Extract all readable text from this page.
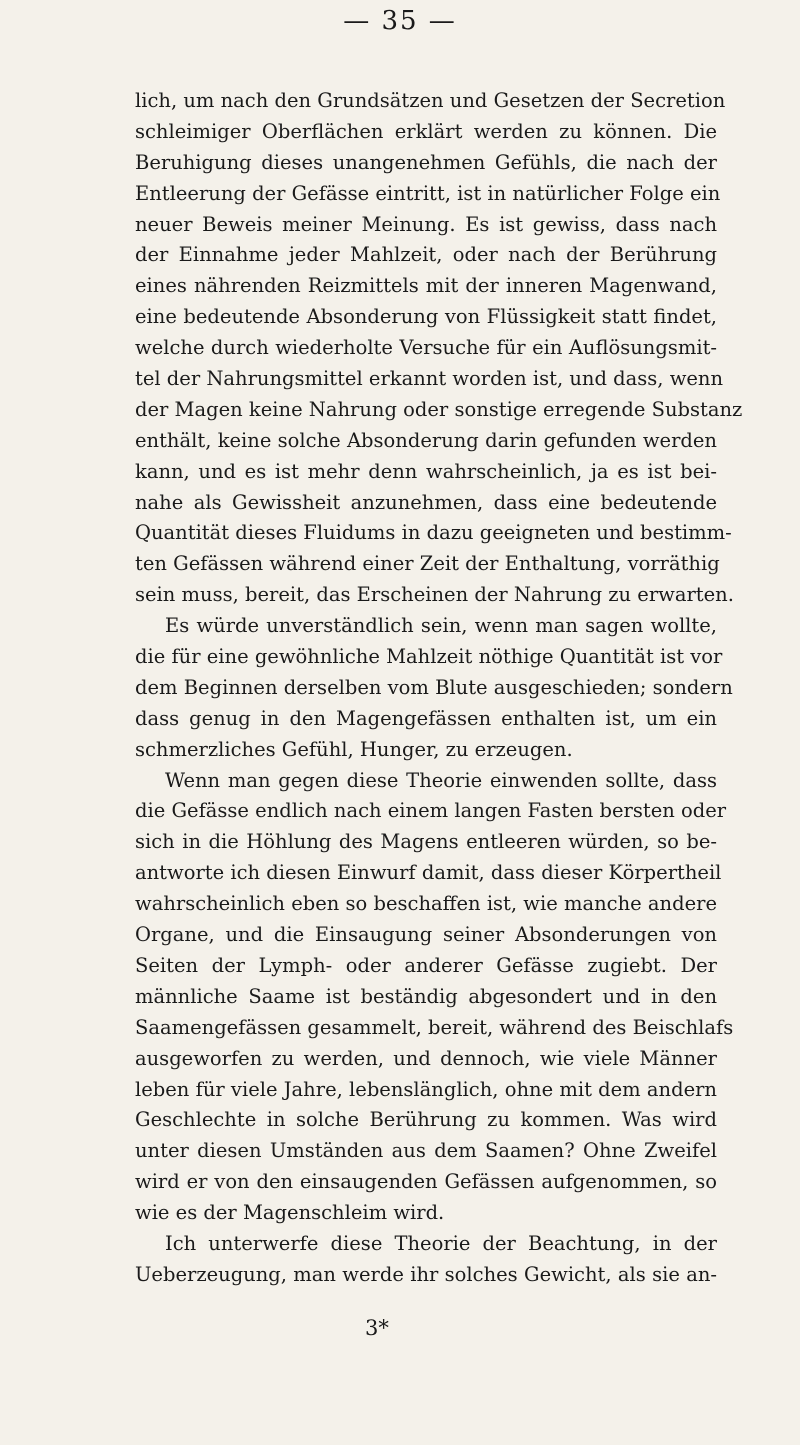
— 35 —
lich, um nach den Grundsätzen und Gesetzen der Secretion
schleimiger Oberflächen erklärt werden zu können. Die
Beruhigung dieses unangenehmen Gefühls, die nach der
Entleerung der Gefässe eintritt, ist in natürlicher Folge ein
neuer Beweis meiner Meinung. Es ist gewiss, dass nach
der Einnahme jeder Mahlzeit, oder nach der Berührung
eines nährenden Reizmittels mit der inneren Magenwand,
eine bedeutende Absonderung von Flüssigkeit statt findet,
welche durch wiederholte Versuche für ein Auflösungsmit-
tel der Nahrungsmittel erkannt worden ist, und dass, wenn
der Magen keine Nahrung oder sonstige erregende Substanz
enthält, keine solche Absonderung darin gefunden werden
kann, und es ist mehr denn wahrscheinlich, ja es ist bei-
nahe als Gewissheit anzunehmen, dass eine bedeutende
Quantität dieses Fluidums in dazu geeigneten und bestimm-
ten Gefässen während einer Zeit der Enthaltung, vorräthig
sein muss, bereit, das Erscheinen der Nahrung zu erwarten.
Es würde unverständlich sein, wenn man sagen wollte,
die für eine gewöhnliche Mahlzeit nöthige Quantität ist vor
dem Beginnen derselben vom Blute ausgeschieden; sondern
dass genug in den Magengefässen enthalten ist, um ein
schmerzliches Gefühl, Hunger, zu erzeugen.
Wenn man gegen diese Theorie einwenden sollte, dass
die Gefässe endlich nach einem langen Fasten bersten oder
sich in die Höhlung des Magens entleeren würden, so be-
antworte ich diesen Einwurf damit, dass dieser Körpertheil
wahrscheinlich eben so beschaffen ist, wie manche andere
Organe, und die Einsaugung seiner Absonderungen von
Seiten der Lymph- oder anderer Gefässe zugiebt. Der
männliche Saame ist beständig abgesondert und in den
Saamengefässen gesammelt, bereit, während des Beischlafs
ausgeworfen zu werden, und dennoch, wie viele Männer
leben für viele Jahre, lebenslänglich, ohne mit dem andern
Geschlechte in solche Berührung zu kommen. Was wird
unter diesen Umständen aus dem Saamen? Ohne Zweifel
wird er von den einsaugenden Gefässen aufgenommen, so
wie es der Magenschleim wird.
Ich unterwerfe diese Theorie der Beachtung, in der
Ueberzeugung, man werde ihr solches Gewicht, als sie an-
3*
